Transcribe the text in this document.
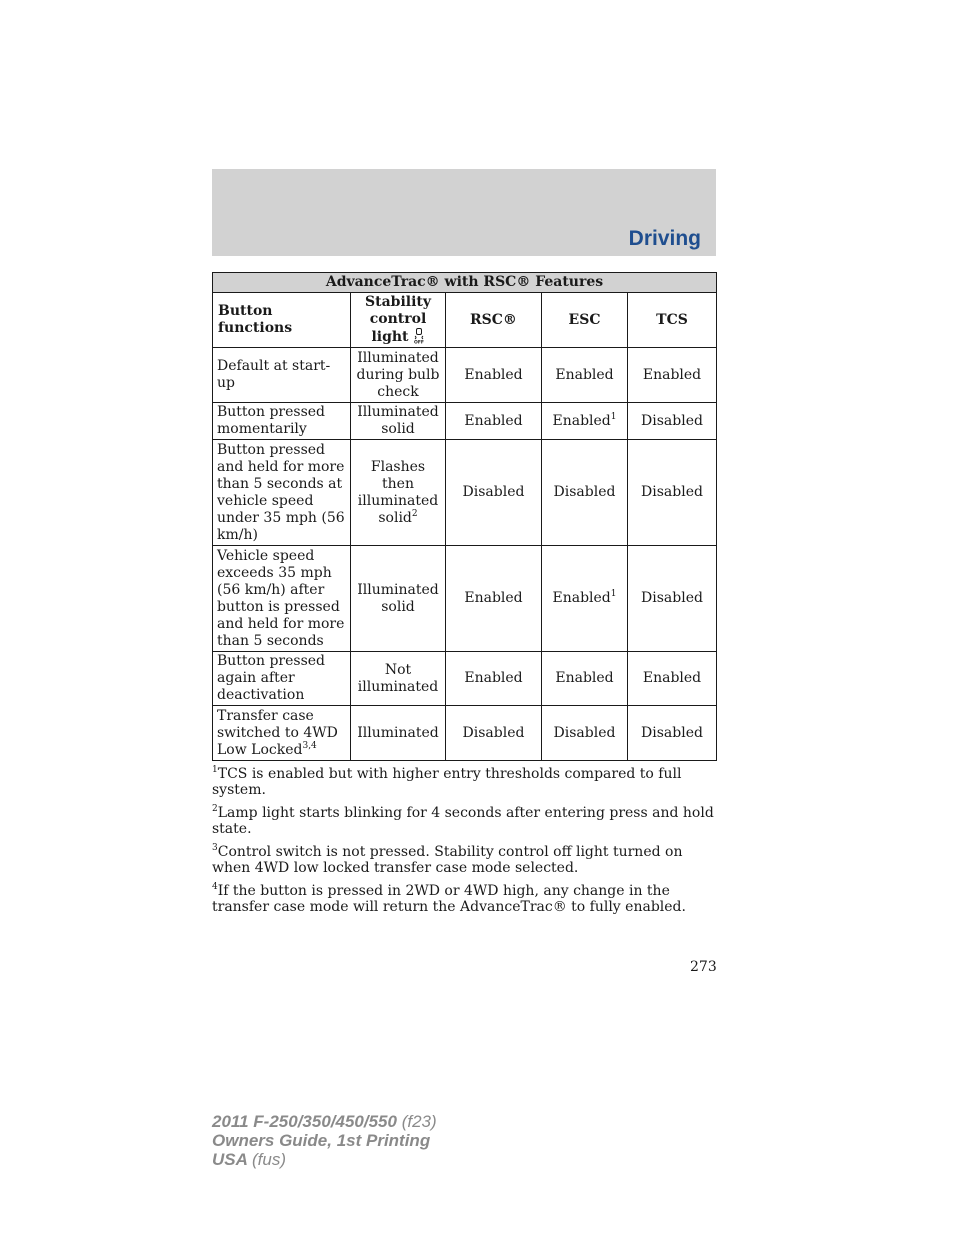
Driving
AdvanceTrac® with RSC® Features				
Button functions	Stability control light OFF	RSC®	ESC	TCS
Default at start-up	Illuminated during bulb check	Enabled	Enabled	Enabled
Button pressed momentarily	Illuminated solid	Enabled	Enabled$^1$	Disabled
Button pressed and held for more than 5 seconds at vehicle speed under 35 mph (56 km/h)	Flashes then illuminated solid$^2$	Disabled	Disabled	Disabled
Vehicle speed exceeds 35 mph (56 km/h) after button is pressed and held for more than 5 seconds	Illuminated solid	Enabled	Enabled$^1$	Disabled
Button pressed again after deactivation	Not illuminated	Enabled	Enabled	Enabled
Transfer case switched to 4WD Low Locked$^{3,4}$	Illuminated	Disabled	Disabled	Disabled

$^1$TCS is enabled but with higher entry thresholds compared to full system.

$^2$Lamp light starts blinking for 4 seconds after entering press and hold state.

$^3$Control switch is not pressed. Stability control off light turned on when 4WD low locked transfer case mode selected.

$^4$If the button is pressed in 2WD or 4WD high, any change in the transfer case mode will return the AdvanceTrac® to fully enabled.

273
2011 F-250/350/450/550 (f23)
Owners Guide, 1st Printing
USA (fus)
